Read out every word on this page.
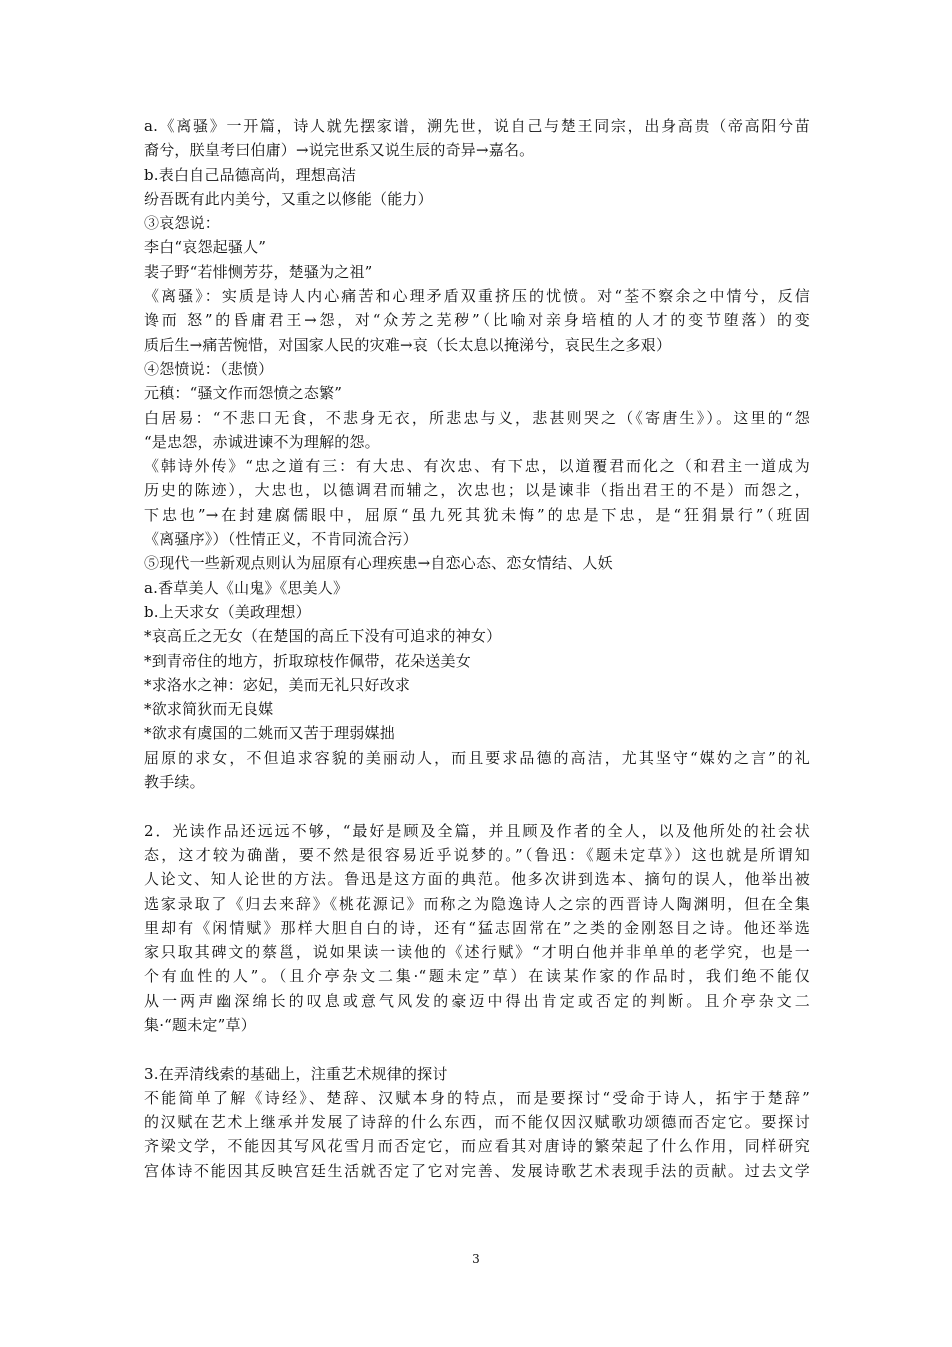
a.《离骚》一开篇，诗人就先摆家谱，溯先世，说自己与楚王同宗，出身高贵（帝高阳兮苗
裔兮，朕皇考曰伯庸）→说完世系又说生辰的奇异→嘉名。
b.表白自己品德高尚，理想高洁
纷吾既有此内美兮，又重之以修能（能力）
③哀怨说：
李白“哀怨起骚人”
裴子野“若悱恻芳芬，楚骚为之祖”
《离骚》：实质是诗人内心痛苦和心理矛盾双重挤压的忧愤。对“荃不察余之中情兮，反信
谗而 怒”的昏庸君王→怨，对“众芳之芜秽”（比喻对亲身培植的人才的变节堕落）的变
质后生→痛苦惋惜，对国家人民的灾难→哀（长太息以掩涕兮，哀民生之多艰）
④怨愤说：（悲愤）
元稹：“骚文作而怨愤之态繁”
白居易：“不悲口无食，不悲身无衣，所悲忠与义，悲甚则哭之（《寄唐生》）。这里的“怨
“是忠怨，赤诚进谏不为理解的怨。
《韩诗外传》“忠之道有三：有大忠、有次忠、有下忠，以道覆君而化之（和君主一道成为
历史的陈迹），大忠也，以德调君而辅之，次忠也；以是谏非（指出君王的不是）而怨之，
下忠也”→在封建腐儒眼中，屈原“虽九死其犹未悔”的忠是下忠，是“狂狷景行”（班固
《离骚序》）（性情正义，不肯同流合污）
⑤现代一些新观点则认为屈原有心理疾患→自恋心态、恋女情结、人妖
a.香草美人《山鬼》《思美人》
b.上天求女（美政理想）
*哀高丘之无女（在楚国的高丘下没有可追求的神女）
*到青帝住的地方，折取琼枝作佩带，花朵送美女
*求洛水之神：宓妃，美而无礼只好改求
*欲求简狄而无良媒
*欲求有虞国的二姚而又苦于理弱媒拙
屈原的求女，不但追求容貌的美丽动人，而且要求品德的高洁，尤其坚守“媒妁之言”的礼
教手续。
2．光读作品还远远不够，“最好是顾及全篇，并且顾及作者的全人，以及他所处的社会状
态，这才较为确凿，要不然是很容易近乎说梦的。”（鲁迅：《题未定草》）这也就是所谓知
人论文、知人论世的方法。鲁迅是这方面的典范。他多次讲到选本、摘句的误人，他举出被
选家录取了《归去来辞》《桃花源记》而称之为隐逸诗人之宗的西晋诗人陶渊明，但在全集
里却有《闲情赋》那样大胆自白的诗，还有“猛志固常在”之类的金刚怒目之诗。他还举选
家只取其碑文的蔡邕，说如果读一读他的《述行赋》“才明白他并非单单的老学究，也是一
个有血性的人”。（且介亭杂文二集·“题未定”草）在读某作家的作品时，我们绝不能仅
从一两声幽深绵长的叹息或意气风发的豪迈中得出肯定或否定的判断。且介亭杂文二
集·“题未定”草）
3.在弄清线索的基础上，注重艺术规律的探讨
不能简单了解《诗经》、楚辞、汉赋本身的特点，而是要探讨“受命于诗人，拓宇于楚辞”
的汉赋在艺术上继承并发展了诗辞的什么东西，而不能仅因汉赋歌功颂德而否定它。要探讨
齐梁文学，不能因其写风花雪月而否定它，而应看其对唐诗的繁荣起了什么作用，同样研究
宫体诗不能因其反映宫廷生活就否定了它对完善、发展诗歌艺术表现手法的贡献。过去文学
3
